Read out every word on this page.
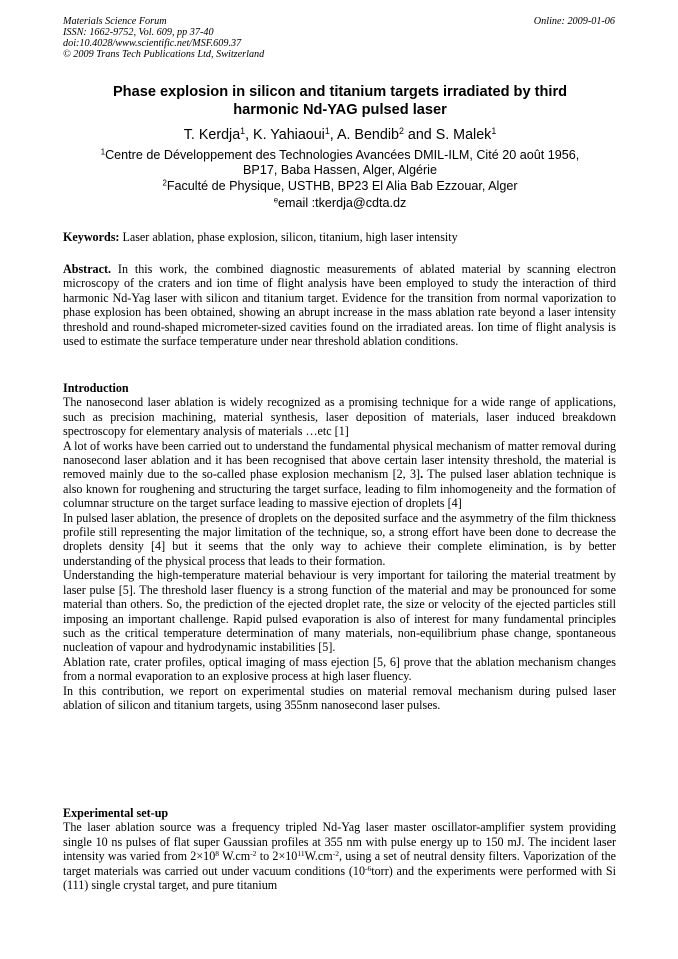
Materials Science Forum
ISSN: 1662-9752, Vol. 609, pp 37-40
doi:10.4028/www.scientific.net/MSF.609.37
© 2009 Trans Tech Publications Ltd, Switzerland
Online: 2009-01-06
Phase explosion in silicon and titanium targets irradiated by third
harmonic Nd-YAG pulsed laser
T. Kerdja$^1$, K. Yahiaoui$^1$, A. Bendib$^2$ and S. Malek$^1$
$^1$Centre de Développement des Technologies Avancées DMIL-ILM, Cité 20 août 1956,
BP17, Baba Hassen, Alger, Algérie
$^2$Faculté de Physique, USTHB, BP23 El Alia Bab Ezzouar, Alger
$^e$email :tkerdja@cdta.dz
Keywords: Laser ablation, phase explosion, silicon, titanium, high laser intensity
Abstract. In this work, the combined diagnostic measurements of ablated material by scanning electron microscopy of the craters and ion time of flight analysis have been employed to study the interaction of third harmonic Nd-Yag laser with silicon and titanium target. Evidence for the transition from normal vaporization to phase explosion has been obtained, showing an abrupt increase in the mass ablation rate beyond a laser intensity threshold and round-shaped micrometer-sized cavities found on the irradiated areas. Ion time of flight analysis is used to estimate the surface temperature under near threshold ablation conditions.

Introduction

The nanosecond laser ablation is widely recognized as a promising technique for a wide range of applications, such as precision machining, material synthesis, laser deposition of materials, laser induced breakdown spectroscopy for elementary analysis of materials …etc [1]

A lot of works have been carried out to understand the fundamental physical mechanism of matter removal during nanosecond laser ablation and it has been recognised that above certain laser intensity threshold, the material is removed mainly due to the so-called phase explosion mechanism [2, 3]. The pulsed laser ablation technique is also known for roughening and structuring the target surface, leading to film inhomogeneity and the formation of columnar structure on the target surface leading to massive ejection of droplets [4]

In pulsed laser ablation, the presence of droplets on the deposited surface and the asymmetry of the film thickness profile still representing the major limitation of the technique, so, a strong effort have been done to decrease the droplets density [4] but it seems that the only way to achieve their complete elimination, is by better understanding of the physical process that leads to their formation.

Understanding the high-temperature material behaviour is very important for tailoring the material treatment by laser pulse [5]. The threshold laser fluency is a strong function of the material and may be pronounced for some material than others. So, the prediction of the ejected droplet rate, the size or velocity of the ejected particles still imposing an important challenge. Rapid pulsed evaporation is also of interest for many fundamental principles such as the critical temperature determination of many materials, non-equilibrium phase change, spontaneous nucleation of vapour and hydrodynamic instabilities [5].

Ablation rate, crater profiles, optical imaging of mass ejection [5, 6] prove that the ablation mechanism changes from a normal evaporation to an explosive process at high laser fluency.

In this contribution, we report on experimental studies on material removal mechanism during pulsed laser ablation of silicon and titanium targets, using 355nm nanosecond laser pulses.

Experimental set-up

The laser ablation source was a frequency tripled Nd-Yag laser master oscillator-amplifier system providing single 10 ns pulses of flat super Gaussian profiles at 355 nm with pulse energy up to 150 mJ. The incident laser intensity was varied from $2\times 10^8$ $W.cm^{-2}$ to $2\times 10^{11}W.cm^{-2}$, using a set of neutral density filters. Vaporization of the target materials was carried out under vacuum conditions $(10^{-6}torr)$ and the experiments were performed with Si (111) single crystal target, and pure titanium
